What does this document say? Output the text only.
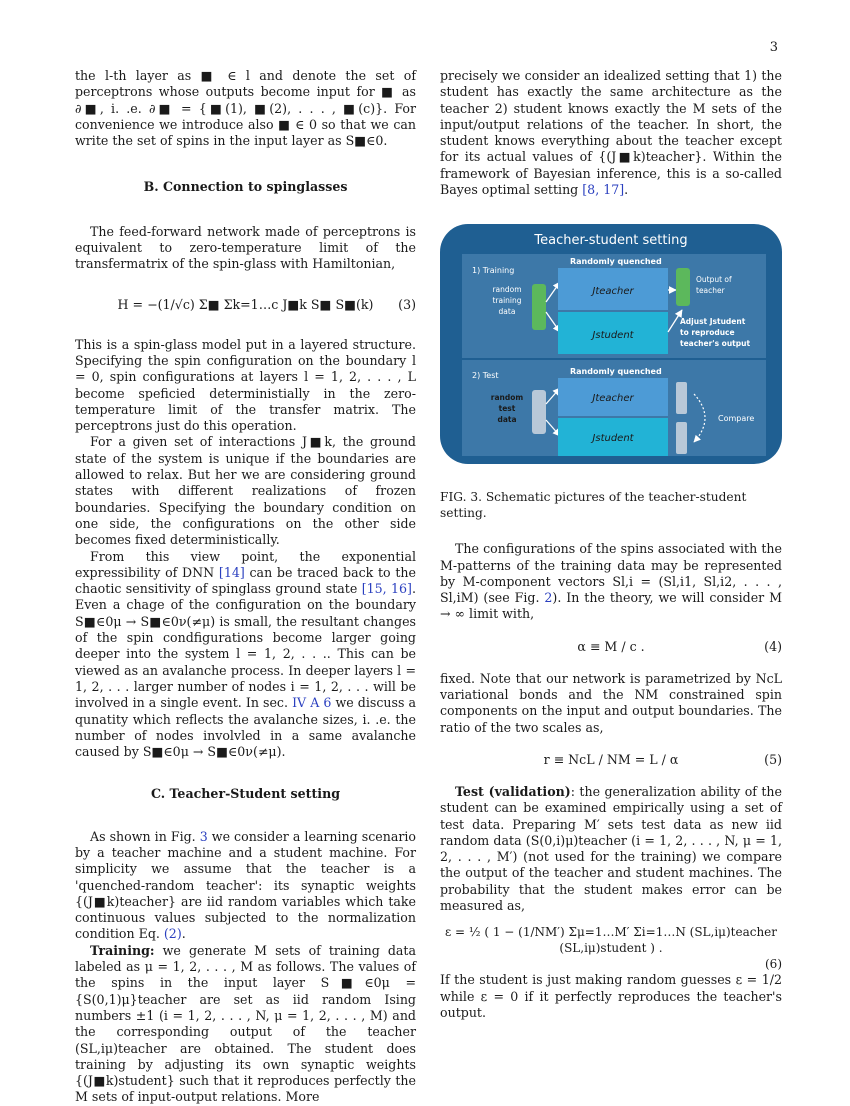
3

the l-th layer as ■ ∈ l and denote the set of perceptrons whose outputs become input for ■ as ∂■, i. .e. ∂■ = {■(1), ■(2), . . . , ■(c)}. For convenience we introduce also ■ ∈ 0 so that we can write the set of spins in the input layer as S■∈0.

B. Connection to spinglasses

The feed-forward network made of perceptrons is equivalent to zero-temperature limit of the transfermatrix of the spin-glass with Hamiltonian,

H = −(1/√c) Σ■ Σk=1…c J■k S■ S■(k) (3)

This is a spin-glass model put in a layered structure. Specifying the spin configuration on the boundary l = 0, spin configurations at layers l = 1, 2, . . . , L become speficied deterministially in the zero-temperature limit of the transfer matrix. The perceptrons just do this operation.

For a given set of interactions J■k, the ground state of the system is unique if the boundaries are allowed to relax. But her we are considering ground states with different realizations of frozen boundaries. Specifying the boundary condition on one side, the configurations on the other side becomes fixed deterministically.

From this view point, the exponential expressibility of DNN [14] can be traced back to the chaotic sensitivity of spinglass ground state [15, 16]. Even a chage of the configuration on the boundary S■∈0μ → S■∈0ν(≠μ) is small, the resultant changes of the spin condfigurations become larger going deeper into the system l = 1, 2, . . .. This can be viewed as an avalanche process. In deeper layers l = 1, 2, . . . larger number of nodes i = 1, 2, . . . will be involved in a single event. In sec. IV A 6 we discuss a qunatity which reflects the avalanche sizes, i. .e. the number of nodes involvled in a same avalanche caused by S■∈0μ → S■∈0ν(≠μ).

C. Teacher-Student setting

As shown in Fig. 3 we consider a learning scenario by a teacher machine and a student machine. For simplicity we assume that the teacher is a 'quenched-random teacher': its synaptic weights {(J■k)teacher} are iid random variables which take continuous values subjected to the normalization condition Eq. (2).

Training: we generate M sets of training data labeled as μ = 1, 2, . . . , M as follows. The values of the spins in the input layer S■∈0μ = {S(0,1)μ}teacher are set as iid random Ising numbers ±1 (i = 1, 2, . . . , N, μ = 1, 2, . . . , M) and the corresponding output of the teacher (SL,iμ)teacher are obtained. The student does training by adjusting its own synaptic weights {(J■k)student} such that it reproduces perfectly the M sets of input-output relations. More

precisely we consider an idealized setting that 1) the student has exactly the same architecture as the teacher 2) student knows exactly the M sets of the input/output relations of the teacher. In short, the student knows everything about the teacher except for its actual values of {(J■k)teacher}. Within the framework of Bayesian inference, this is a so-called Bayes optimal setting [8, 17].

Teacher-student setting
1) Training
random
training
data
Randomly quenched
Jteacher
Jstudent
Output of
teacher
Adjust Jstudent
to reproduce
teacher's output
2) Test
random
test
data
Randomly quenched
Jteacher
Jstudent
Compare

FIG. 3. Schematic pictures of the teacher-student setting.

The configurations of the spins associated with the M-patterns of the training data may be represented by M-component vectors Sl,i = (Sl,i1, Sl,i2, . . . , Sl,iM) (see Fig. 2). In the theory, we will consider M → ∞ limit with,

α ≡ M / c .	(4)

fixed. Note that our network is parametrized by NcL variational bonds and the NM constrained spin components on the input and output boundaries. The ratio of the two scales as,

r ≡ NcL / NM = L / α	(5)

Test (validation): the generalization ability of the student can be examined empirically using a set of test data. Preparing M′ sets test data as new iid random data (S(0,i)μ)teacher (i = 1, 2, . . . , N, μ = 1, 2, . . . , M′) (not used for the training) we compare the output of the teacher and student machines. The probability that the student makes error can be measured as,

ε = ½ ( 1 − (1/NM′) Σμ=1…M′ Σi=1…N (SL,iμ)teacher (SL,iμ)student ) .
(6)

If the student is just making random guesses ε = 1/2 while ε = 0 if it perfectly reproduces the teacher's output.
